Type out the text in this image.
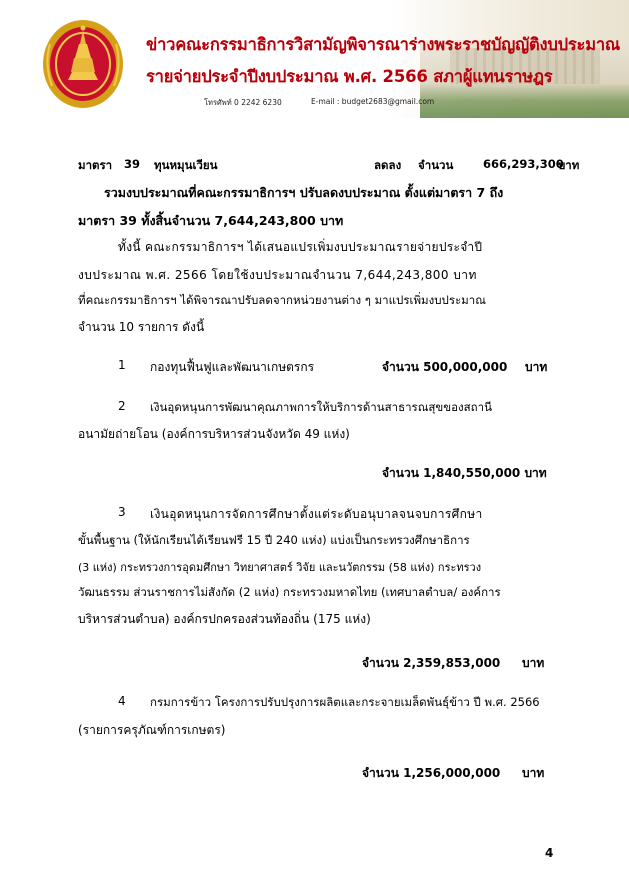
ข่าวคณะกรรมาธิการวิสามัญพิจารณาร่างพระราชบัญญัติงบประมาณ
รายจ่ายประจำปีงบประมาณ พ.ศ. 2566 สภาผู้แทนราษฎร
โทรศัพท์ 0 2242 6230	E-mail : budget2683@gmail.com
มาตรา 39 ทุนหมุนเวียน	ลดลง จำนวน	666,293,300
บาท
รวมงบประมาณที่คณะกรรมาธิการฯ ปรับลดงบประมาณ ตั้งแต่มาตรา 7 ถึง
มาตรา 39 ทั้งสิ้นจำนวน 7,644,243,800 บาท
ทั้งนี้ คณะกรรมาธิการฯ ได้เสนอแปรเพิ่มงบประมาณรายจ่ายประจำปี
งบประมาณ พ.ศ. 2566 โดยใช้งบประมาณจำนวน 7,644,243,800 บาท
ที่คณะกรรมาธิการฯ ได้พิจารณาปรับลดจากหน่วยงานต่าง ๆ มาแปรเพิ่มงบประมาณ
จำนวน 10 รายการ ดังนี้
1 กองทุนฟื้นฟูและพัฒนาเกษตรกร	จำนวน 500,000,000 บาท
2 เงินอุดหนุนการพัฒนาคุณภาพการให้บริการด้านสาธารณสุขของสถานี
อนามัยถ่ายโอน (องค์การบริหารส่วนจังหวัด 49 แห่ง)
จำนวน 1,840,550,000 บาท
3 เงินอุดหนุนการจัดการศึกษาตั้งแต่ระดับอนุบาลจนจบการศึกษา
ขั้นพื้นฐาน (ให้นักเรียนได้เรียนฟรี 15 ปี 240 แห่ง) แบ่งเป็นกระทรวงศึกษาธิการ
(3 แห่ง) กระทรวงการอุดมศึกษา วิทยาศาสตร์ วิจัย และนวัตกรรม (58 แห่ง) กระทรวง
วัฒนธรรม ส่วนราชการไม่สังกัด (2 แห่ง) กระทรวงมหาดไทย (เทศบาลตำบล/ องค์การ
บริหารส่วนตำบล) องค์กรปกครองส่วนท้องถิ่น (175 แห่ง)
จำนวน 2,359,853,000 บาท
4 กรมการข้าว โครงการปรับปรุงการผลิตและกระจายเมล็ดพันธุ์ข้าว ปี พ.ศ. 2566
(รายการครุภัณฑ์การเกษตร)
จำนวน 1,256,000,000 บาท
4
